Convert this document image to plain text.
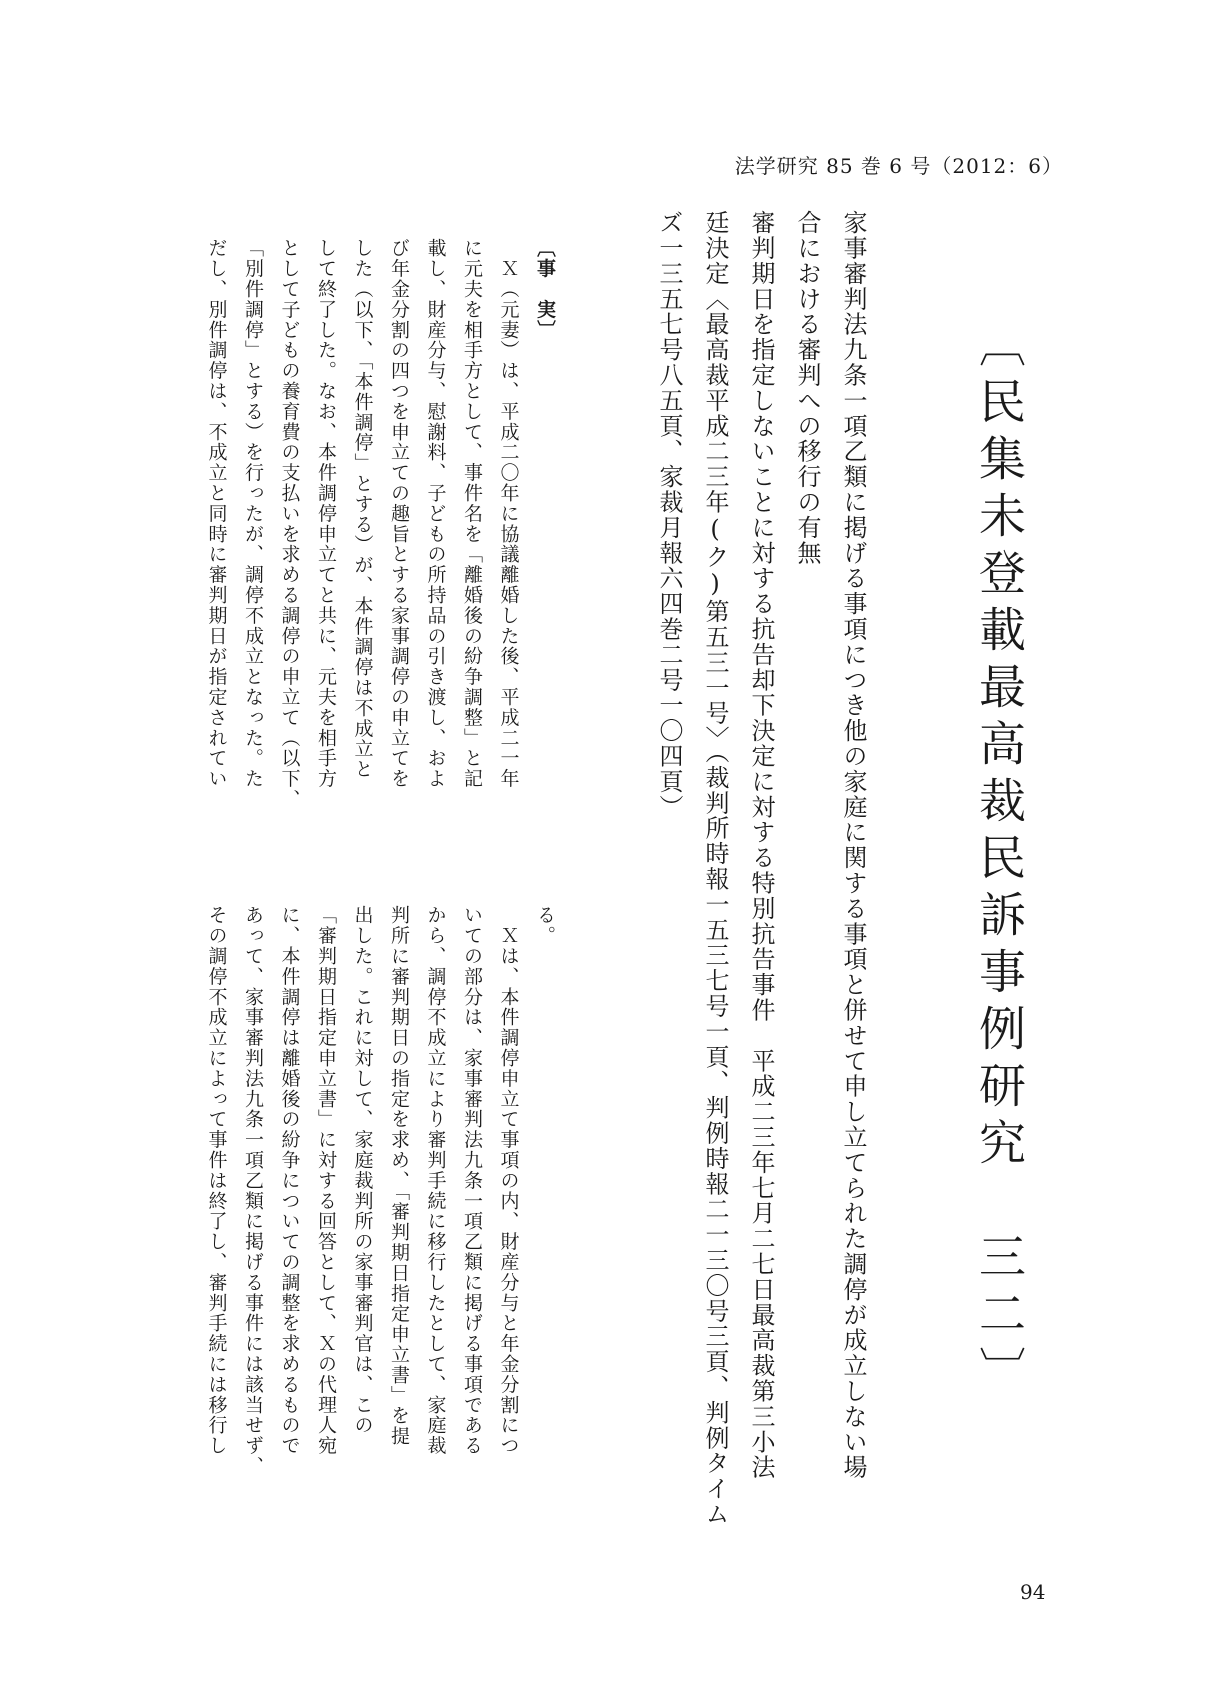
法学研究 85 巻 6 号（2012：6）
〔民集未登載最高裁民訴事例研究　三二〕
家事審判法九条一項乙類に掲げる事項につき他の家庭に関する事項と併せて申し立てられた調停が成立しない場
合における審判への移行の有無
審判期日を指定しないことに対する抗告却下決定に対する特別抗告事件　平成二三年七月二七日最高裁第三小法
廷決定〈最高裁平成二三年(ク)第五三一号〉（裁判所時報一五三七号一頁、判例時報二一三〇号三頁、判例タイム
ズ一三五七号八五頁、家裁月報六四巻二号一〇四頁）
〔事　実〕
　Ｘ（元妻）は、平成二〇年に協議離婚した後、平成二一年
に元夫を相手方として、事件名を「離婚後の紛争調整」と記
載し、財産分与、慰謝料、子どもの所持品の引き渡し、およ
び年金分割の四つを申立ての趣旨とする家事調停の申立てを
した（以下、「本件調停」とする）が、本件調停は不成立と
して終了した。なお、本件調停申立てと共に、元夫を相手方
として子どもの養育費の支払いを求める調停の申立て（以下、
「別件調停」とする）を行ったが、調停不成立となった。た
だし、別件調停は、不成立と同時に審判期日が指定されてい
る。
　Ｘは、本件調停申立て事項の内、財産分与と年金分割につ
いての部分は、家事審判法九条一項乙類に掲げる事項である
から、調停不成立により審判手続に移行したとして、家庭裁
判所に審判期日の指定を求め、「審判期日指定申立書」を提
出した。これに対して、家庭裁判所の家事審判官は、この
「審判期日指定申立書」に対する回答として、Ｘの代理人宛
に、本件調停は離婚後の紛争についての調整を求めるもので
あって、家事審判法九条一項乙類に掲げる事件には該当せず、
その調停不成立によって事件は終了し、審判手続には移行し
94
